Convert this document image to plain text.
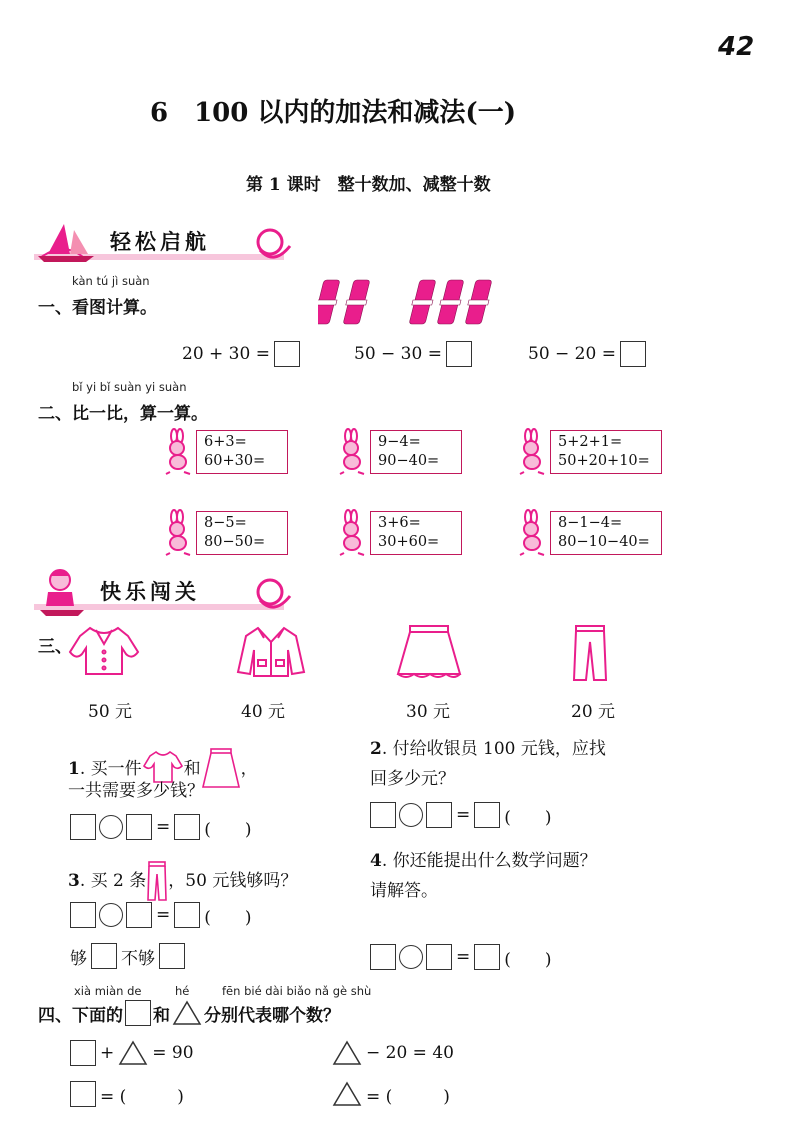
42
6　100 以内的加法和减法(一)
第 1 课时　整十数加、减整十数
轻松启航
kàn tú jì suàn
一、看图计算。
20 + 30 =	50 − 30 =	50 − 20 =
bǐ yi bǐ suàn yi suàn
二、比一比，算一算。
6+3=
60+30=
9−4=
90−40=
5+2+1=
50+20+10=
8−5=
80−50=
3+6=
30+60=
8−1−4=
80−10−40=
快乐闯关
三、
50 元	40 元	30 元	20 元
1 . 买一件 和 ，
一共需要多少钱？
= (　　)
2. 付给收银员 100 元钱，应找
回多少元？
= (　　)
3 . 买 2 条 ，50 元钱够吗？
= (　　)
够 不够
4. 你还能提出什么数学问题？
请解答。
= (　　)
xià miàn de	hé	fēn bié dài biǎo nǎ gè shù
四、下面的 和 分别代表哪个数？
+ = 90	− 20 = 40
= (　　　)	= (　　　)
